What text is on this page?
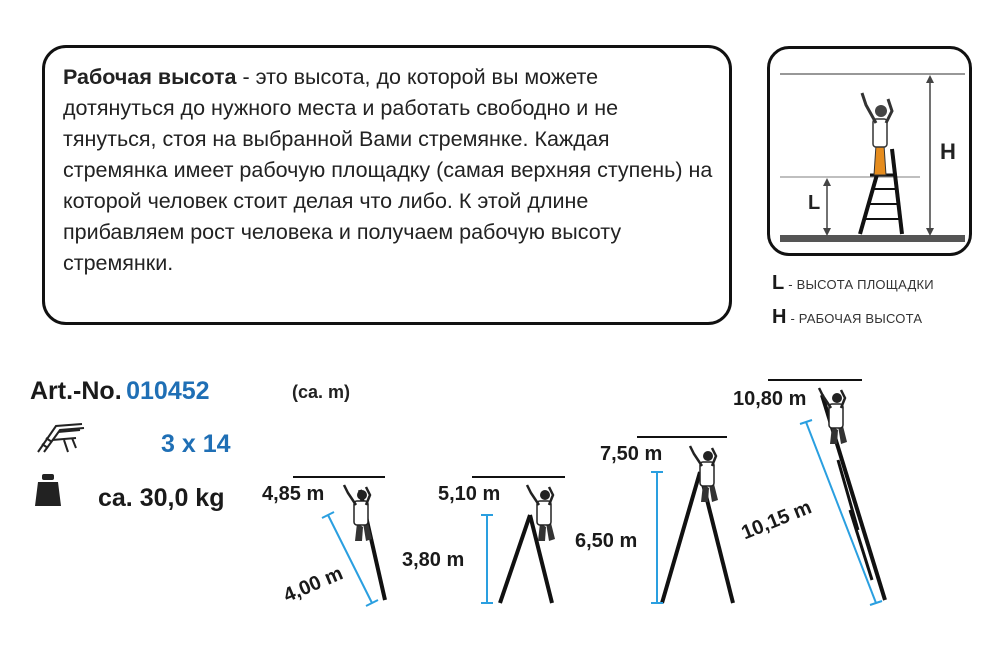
Рабочая высота - это высота, до которой вы можете дотянуться до нужного места и работать свободно и не тянуться, стоя на выбранной Вами стремянке. Каждая стремянка имеет рабочую площадку (самая верхняя ступень) на которой человек стоит делая что либо. К этой длине прибавляем рост человека и получаем рабочую высоту стремянки.
H
L
L - ВЫСОТА ПЛОЩАДКИ
H - РАБОЧАЯ ВЫСОТА
Art.-No. 010452	(ca. m)
3 x 14
ca. 30,0 kg 4,85 m
4,00 m
5,10 m
3,80 m
7,50 m
6,50 m
10,80 m
10,15 m
